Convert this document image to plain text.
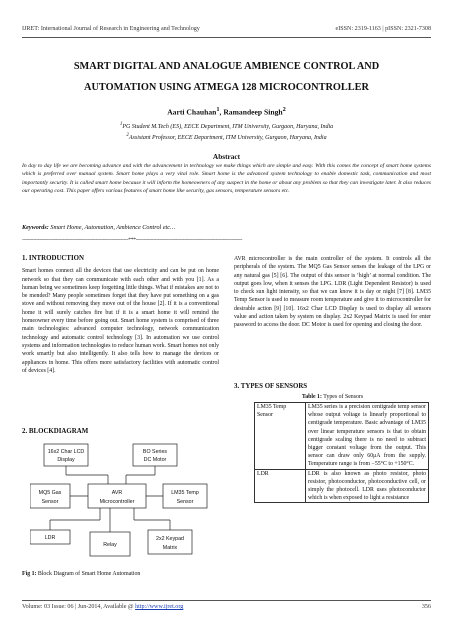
IJRET: International Journal of Research in Engineering and Technology	eISSN: 2319-1163 | pISSN: 2321-7308
SMART DIGITAL AND ANALOGUE AMBIENCE CONTROL AND
AUTOMATION USING ATMEGA 128 MICROCONTROLLER
Aarti Chauhan$^1$, Ramandeep Singh$^2$
$^1$PG Student M.Tech (ES), EECE Department, ITM University, Gurgaon, Haryana, India
$^2$Assistant Professor, EECE Department, ITM University, Gurgaon, Haryana, India
Abstract
In day to day life we are becoming advance and with the advancement in technology we make things which are simple and easy. With this comes the concept of smart home systems which is preferred over manual system. Smart home plays a very vital role. Smart home is the advanced system technology to enable domestic task, communication and most importantly security. It is called smart home because it will inform the homeowners of any suspect in the home or about any problem so that they can investigate later. It also reduces our operating cost. This paper offers various features of smart home like security, gas sensors, temperature sensors etc.
Keywords: Smart Home, Automation, Ambience Control etc…
--------------------------------------------------------------------***--------------------------------------------------------------------
1. INTRODUCTION
Smart homes connect all the devices that use electricity and can be put on home network so that they can communicate with each other and with you [1]. As a human being we sometimes keep forgetting little things. What if mistakes are not to be mended? Many people sometimes forget that they have put something on a gas stove and without removing they move out of the house [2]. If it is a conventional home it will surely catches fire but if it is a smart home it will remind the homeowner every time before going out. Smart home system is comprised of three main technologies: advanced computer technology, network communication technology and automatic control technology [3]. In automation we use control systems and information technologies to reduce human work. Smart homes not only work smartly but also intelligently. It also tells how to manage the devices or appliances in home. This offers more satisfactory facilities with automatic control of devices [4].
2. BLOCKDIAGRAM
16x2 Char LCD
Display
BO Series
DC Motor
MQ5 Gas
Sensor
AVR
Microcontroller
LM35 Temp
Sensor
LDR
Relay
2x2 Keypad
Matrix
Fig 1: Block Diagram of Smart Home Automation
AVR microcontroller is the main controller of the system. It controls all the peripherals of the system. The MQ5 Gas Sensor senses the leakage of the LPG or any natural gas [5] [6]. The output of this sensor is ‘high’ at normal condition. The output goes low, when it senses the LPG. LDR (Light Dependent Resistor) is used to check sun light intensity, so that we can know it is day or night [7] [8]. LM35 Temp Sensor is used to measure room temperature and give it to microcontroller for desirable action [9] [10]. 16x2 Char LCD Display is used to display all sensors value and action taken by system on display. 2x2 Keypad Matrix is used for enter password to access the door. DC Motor is used for opening and closing the door.
3. TYPES OF SENSORS
Table 1: Types of Sensors
LM35 Temp Sensor	LM35 series is a precision centigrade temp sensor whose output voltage is linearly proportional to centigrade temperature. Basic advantage of LM35 over linear temperature sensors is that to obtain centigrade scaling there is no need to subtract bigger constant voltage from the output. This sensor can draw only 60μA from the supply. Temperature range is from −55°C to +150°C.
LDR	LDR is also known as photo resistor, photo resistor, photoconductor, photoconductive cell, or simply the photocell. LDR uses photoconductor which is when exposed to light a resistance
Volume: 03 Issue: 06 | Jun-2014, Available @ http://www.ijret.org	356
